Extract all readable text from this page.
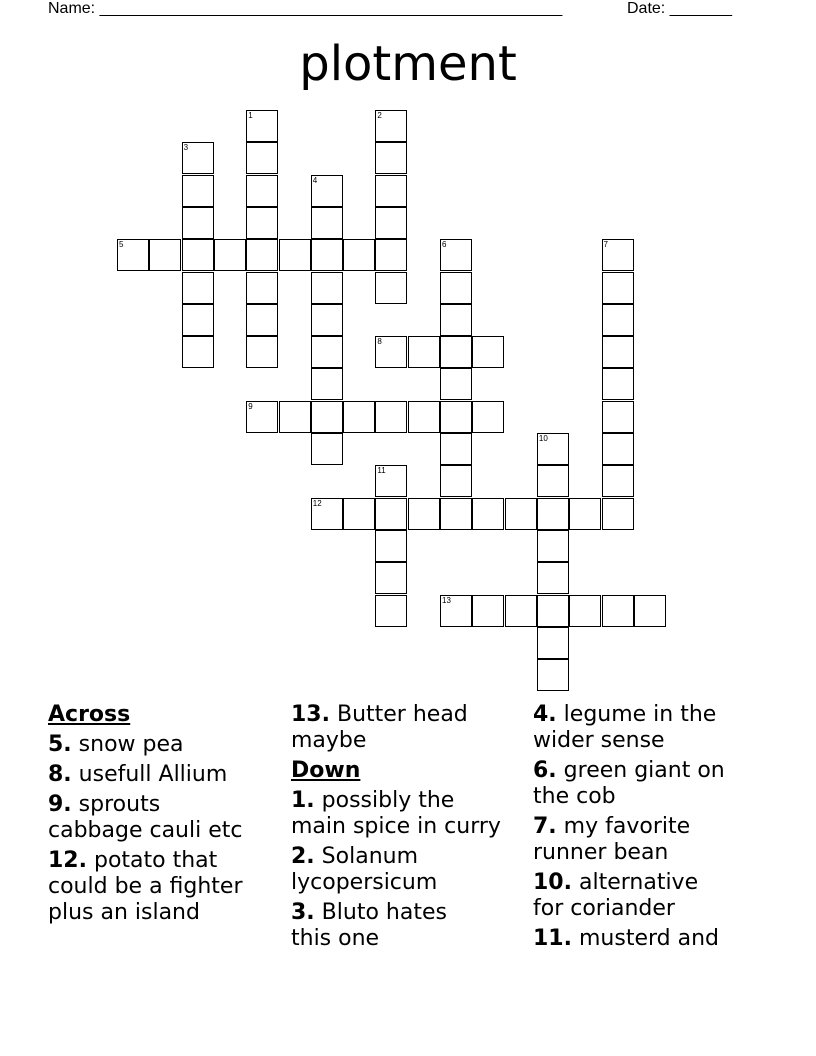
Name: ____________________________________________________	Date: _______
plotment
1	2
3
4
5	6	7
8
9
10
11
12
13
Across
5. snow pea
8. usefull Allium
9. sprouts
cabbage cauli etc
12. potato that
could be a fighter
plus an island
13. Butter head
maybe
Down
1. possibly the
main spice in curry
2. Solanum
lycopersicum
3. Bluto hates
this one
4. legume in the
wider sense
6. green giant on
the cob
7. my favorite
runner bean
10. alternative
for coriander
11. musterd and
